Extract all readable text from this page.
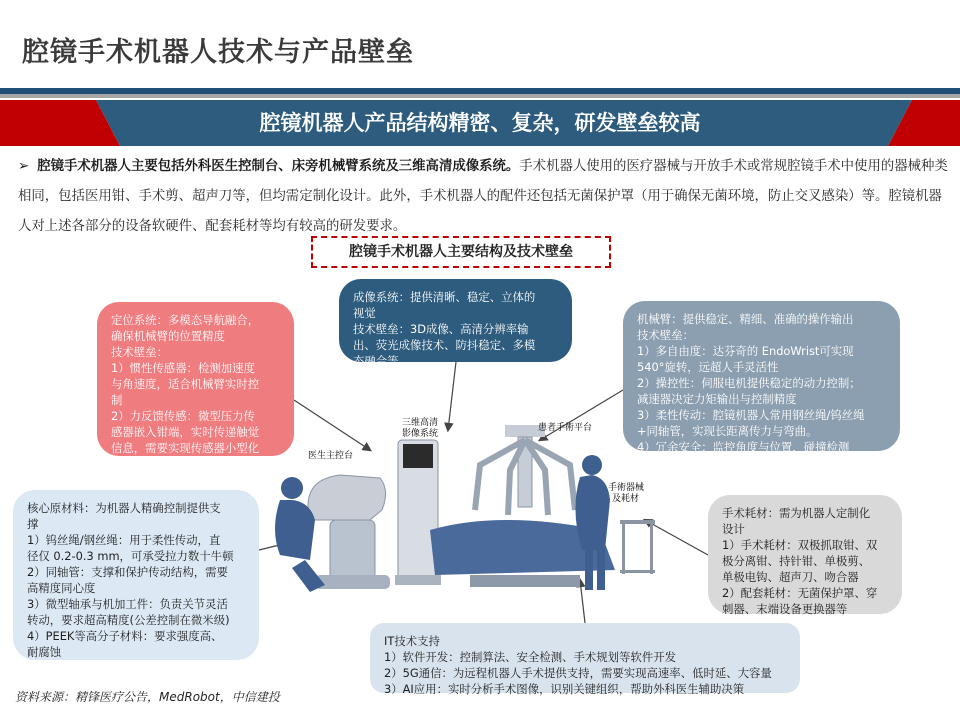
腔镜手术机器人技术与产品壁垒
腔镜机器人产品结构精密、复杂，研发壁垒较高
➢ 腔镜手术机器人主要包括外科医生控制台、床旁机械臂系统及三维高清成像系统。手术机器人使用的医疗器械与开放手术或常规腔镜手术中使用的器械种类相同，包括医用钳、手术剪、超声刀等，但均需定制化设计。此外，手术机器人的配件还包括无菌保护罩（用于确保无菌环境，防止交叉感染）等。腔镜机器人对上述各部分的设备软硬件、配套耗材等均有较高的研发要求。
腔镜手术机器人主要结构及技术壁垒
医生主控台
三维高清
影像系统
患者手術平台
手術器械
及耗材
定位系统：多模态导航融合，
确保机械臂的位置精度
技术壁垒：
1）惯性传感器：检测加速度
与角速度，适合机械臂实时控
制
2）力反馈传感：微型压力传
感器嵌入钳端，实时传递触觉
信息，需要实现传感器小型化
成像系统：提供清晰、稳定、立体的
视觉
技术壁垒：3D成像、高清分辨率输
出、荧光成像技术、防抖稳定、多模
态融合等
机械臂：提供稳定、精细、准确的操作输出
技术壁垒：
1）多自由度：达芬奇的 EndoWrist可实现
540°旋转，远超人手灵活性
2）操控性：伺服电机提供稳定的动力控制；
减速器决定力矩输出与控制精度
3）柔性传动：腔镜机器人常用钢丝绳/钨丝绳
+同轴管，实现长距离传力与弯曲。
4）冗余安全：监控角度与位置，碰撞检测
核心原材料：为机器人精确控制提供支
撑
1）钨丝绳/钢丝绳：用于柔性传动，直
径仅 0.2-0.3 mm，可承受拉力数十牛顿
2）同轴管：支撑和保护传动结构，需要
高精度同心度
3）微型轴承与机加工件：负责关节灵活
转动，要求超高精度(公差控制在微米级)
4）PEEK等高分子材料：要求强度高、
耐腐蚀
手术耗材：需为机器人定制化
设计
1）手术耗材：双极抓取钳、双
极分离钳、持针钳、单极剪、
单极电钩、超声刀、吻合器
2）配套耗材：无菌保护罩、穿
刺器、末端设备更换器等
IT技术支持
1）软件开发：控制算法、安全检测、手术规划等软件开发
2）5G通信：为远程机器人手术提供支持，需要实现高速率、低时延、大容量
3）AI应用：实时分析手术图像，识别关键组织，帮助外科医生辅助决策
资料来源：精锋医疗公告，MedRobot，中信建投
